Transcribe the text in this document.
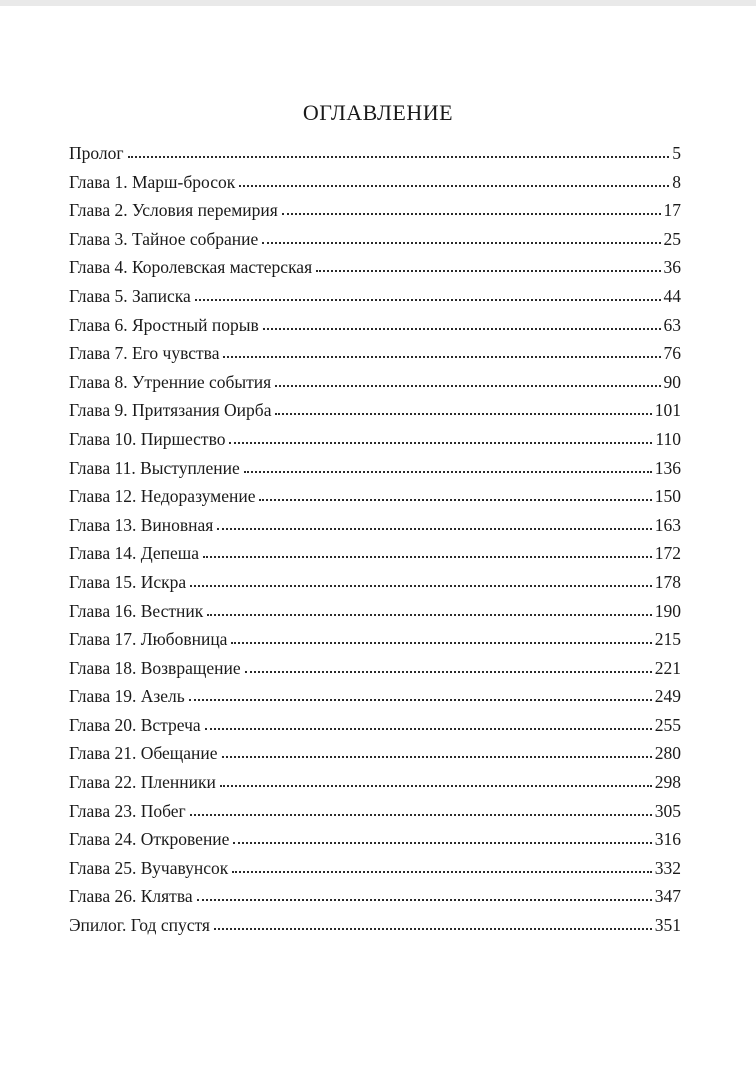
ОГЛАВЛЕНИЕ
Пролог	5
Глава 1. Марш-бросок	8
Глава 2. Условия перемирия	17
Глава 3. Тайное собрание	25
Глава 4. Королевская мастерская	36
Глава 5. Записка	44
Глава 6. Яростный порыв	63
Глава 7. Его чувства	76
Глава 8. Утренние события	90
Глава 9. Притязания Оирба	101
Глава 10. Пиршество	110
Глава 11. Выступление	136
Глава 12. Недоразумение	150
Глава 13. Виновная	163
Глава 14. Депеша	172
Глава 15. Искра	178
Глава 16. Вестник	190
Глава 17. Любовница	215
Глава 18. Возвращение	221
Глава 19. Азель	249
Глава 20. Встреча	255
Глава 21. Обещание	280
Глава 22. Пленники	298
Глава 23. Побег	305
Глава 24. Откровение	316
Глава 25. Вучавунсок	332
Глава 26. Клятва	347
Эпилог. Год спустя	351
